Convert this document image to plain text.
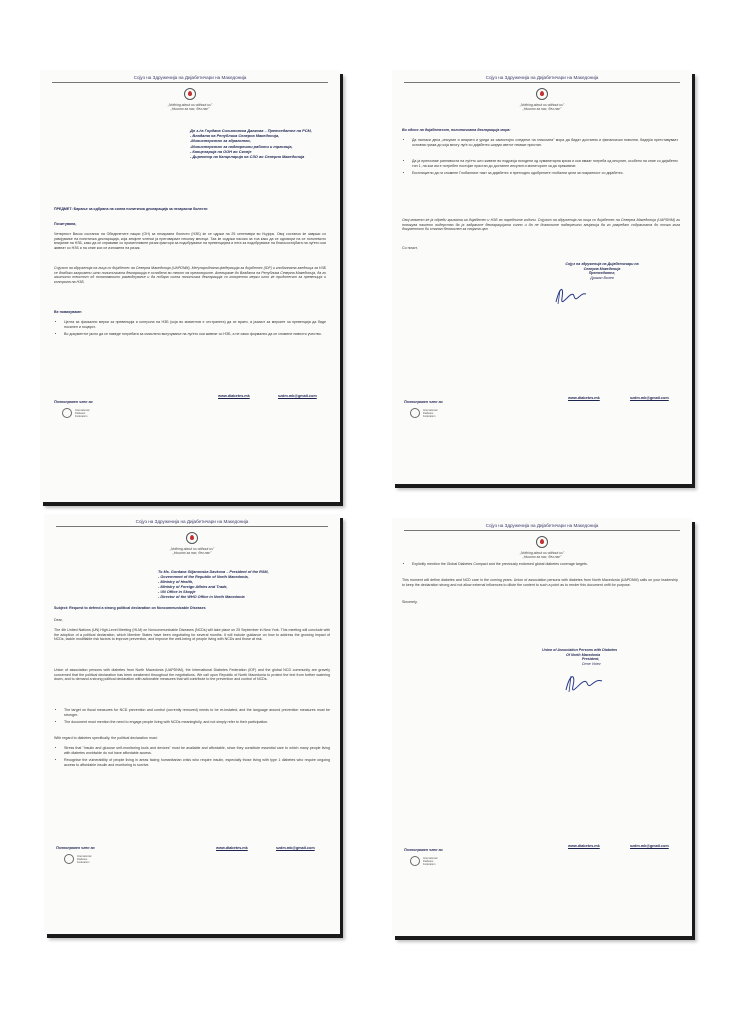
Сојуз на Здруженија на Дијабетичари на Македонија
„Nothing about us without us"
„Ништо за нас, без нас"
До з-ѓа Гордана Сиљановска Давкова – Претседател на РСМ,
- Владата на Република Северна Македонија,
-Министерство за здравство,
-Министерство за надворешни работи и трговија,
- Канцеларија на ООН во Скопје
- Директор на Канцеларија на СЗО во Северна Македонија
ПРЕДМЕТ: Барање за одбрана на силна политичка декларација за незаразни болести
Почитувани,
Четвртиот Висок состанок на Обединетите нации (ОН) за незаразни болести (НЗБ) ќе се одржи на 25 септември во Њујорк. Овој состанок ќе заврши со усвојување на политичка декларација, која земјите членки ја преговараат неколку месеци. Таа ќе содржи насоки за тоа како да се одговори на се поголемото влијание на НЗБ, како да се справиме со променливите ризик фактори за подобрување на превенцијата и нега за подобрување на благосостојбата на луѓето кои живеат со НЗБ и на оние кои се изложени на ризик.
Сојузот на здруженија на лица со дијабетес на Северна Македонија (UAPDNM), Меѓународната федерација за дијабетес (IDF) и глобалната заедница за НЗБ се длабоко загрижени што политичката декларација е ослабена во текот на преговорите. Апелираме до Владата на Република Северна Македонија, да го заштити текстот од понатамошно разводнување и да побара силна политичка декларација со конкретни мерки што ќе придонесат за превенција и контрола на НЗБ.
Ве повикуваме:
• Целта за фискални мерки за превенција и контрола на НЗБ (која во моментов е отстранета) да се врати, а јазикот за мерките за превенција да биде посилен и поцврст.
• Во документот јасно да се наведе потребата за смислено вклучување на луѓето кои живеат со НЗБ, а не само формално да се спомене нивното учество.
www.diabetes.mk	szdm.mk@gmail.com
Полноправен член во
International
Diabetes
Federation
Сојуз на Здруженија на Дијабетичари на Македонија
„Nothing about us without us"
„Ништо за нас, без нас"
Во однос на дијабетесот, политичката декларација мора:
• Да нагласи дека „инсулин и апарати и уреди за самостојно следење на гликозата" мора да бидат достапни и финансиски поволни, бидејќи претставуваат основна грижа до која многу луѓе со дијабетес ширум светот немаат пристап.
• Да ја препознае ранливоста на луѓето што живеат во подрачја погодени од хуманитарна криза и кои имаат потреба од инсулин, особено на оние со дијабетес тип 1, на кои им е потребен постојан пристап до достапен инсулин и мониторинг за да преживеат.
• Експлицитно да ги спомене Глобалниот пакт за дијабетес и претходно одобрените глобални цели за покриеност со дијабетес.
Овој момент ќе ја одреди грижата за дијабетес и НЗБ во наредните години. Сојузот на здруженија на лица со дијабетес на Северна Македонија (UAPDNM) ги повикува нашето лидерство да ја задржите декларацијата силно и да не дозволите надворешни влијанија да го разредат содржината до точка кога документот би станал бесмислен за својата цел.
Со почит,
Сојуз на здруженија на Дијабетичари на
Северна Македонија
Претседател,
Драган Волев
www.diabetes.mk	szdm.mk@gmail.com
Полноправен член во
International
Diabetes
Federation
Сојуз на Здруженија на Дијабетичари на Македонија
„Nothing about us without us"
„Ништо за нас, без нас"
To Ms. Gordana Siljanovska Davkova – President of the RSM,
- Government of the Republic of North Macedonia,
- Ministry of Health,
- Ministry of Foreign Affairs and Trade,
- UN Office in Skopje
- Director of the WHO Office in North Macedonia
Subject: Request to defend a strong political declaration on Noncommunicable Diseases
Dear,
The 4th United Nations (UN) High-Level Meeting (HLM) on Noncommunicable Diseases (NCDs) will take place on 25 September in New York. This meeting will conclude with the adoption of a political declaration, which Member States have been negotiating for several months. It will include guidance on how to address the growing impact of NCDs, tackle modifiable risk factors to improve prevention, and improve the well-being of people living with NCDs and those at risk.
Union of association persons with diabetes from North Macedonia (UAPDNM), the International Diabetes Federation (IDF) and the global NCD community are gravely concerned that the political declaration has been weakened throughout the negotiations. We call upon Republic of North Macedonia to protect the text from further watering down, and to demand a strong political declaration with actionable measures that will contribute to the prevention and control of NCDs.
• The target on fiscal measures for NCD prevention and control (currently removed) needs to be re-instated, and the language around prevention measures must be stronger.
• The document must mention the need to engage people living with NCDs meaningfully, and not simply refer to their participation.
With regard to diabetes specifically, the political declaration must:
• Stress that "insulin and glucose self-monitoring tools and devices" must be available and affordable, since they constitute essential care to which many people living with diabetes worldwide do not have affordable access.
• Recognise the vulnerability of people living in areas facing humanitarian crisis who require insulin, especially those living with type 1 diabetes who require ongoing access to affordable insulin and monitoring to survive.
www.diabetes.mk	szdm.mk@gmail.com
Полноправен член во
International
Diabetes
Federation
Сојуз на Здруженија на Дијабетичари на Македонија
„Nothing about us without us"
„Ништо за нас, без нас"
• Explicitly mention the Global Diabetes Compact and the previously endorsed global diabetes coverage targets.
This moment will define diabetes and NCD care in the coming years. Union of association persons with diabetes from North Macedonia (UAPDNM) calls on your leadership to keep the declaration strong and not allow external influences to dilute the content to such a point as to render this document unfit for purpose.
Sincerely,
Union of Association Persons with Diabetes
Of North Macedonia
President,
Drme Volev
www.diabetes.mk	szdm.mk@gmail.com
Полноправен член во
International
Diabetes
Federation
